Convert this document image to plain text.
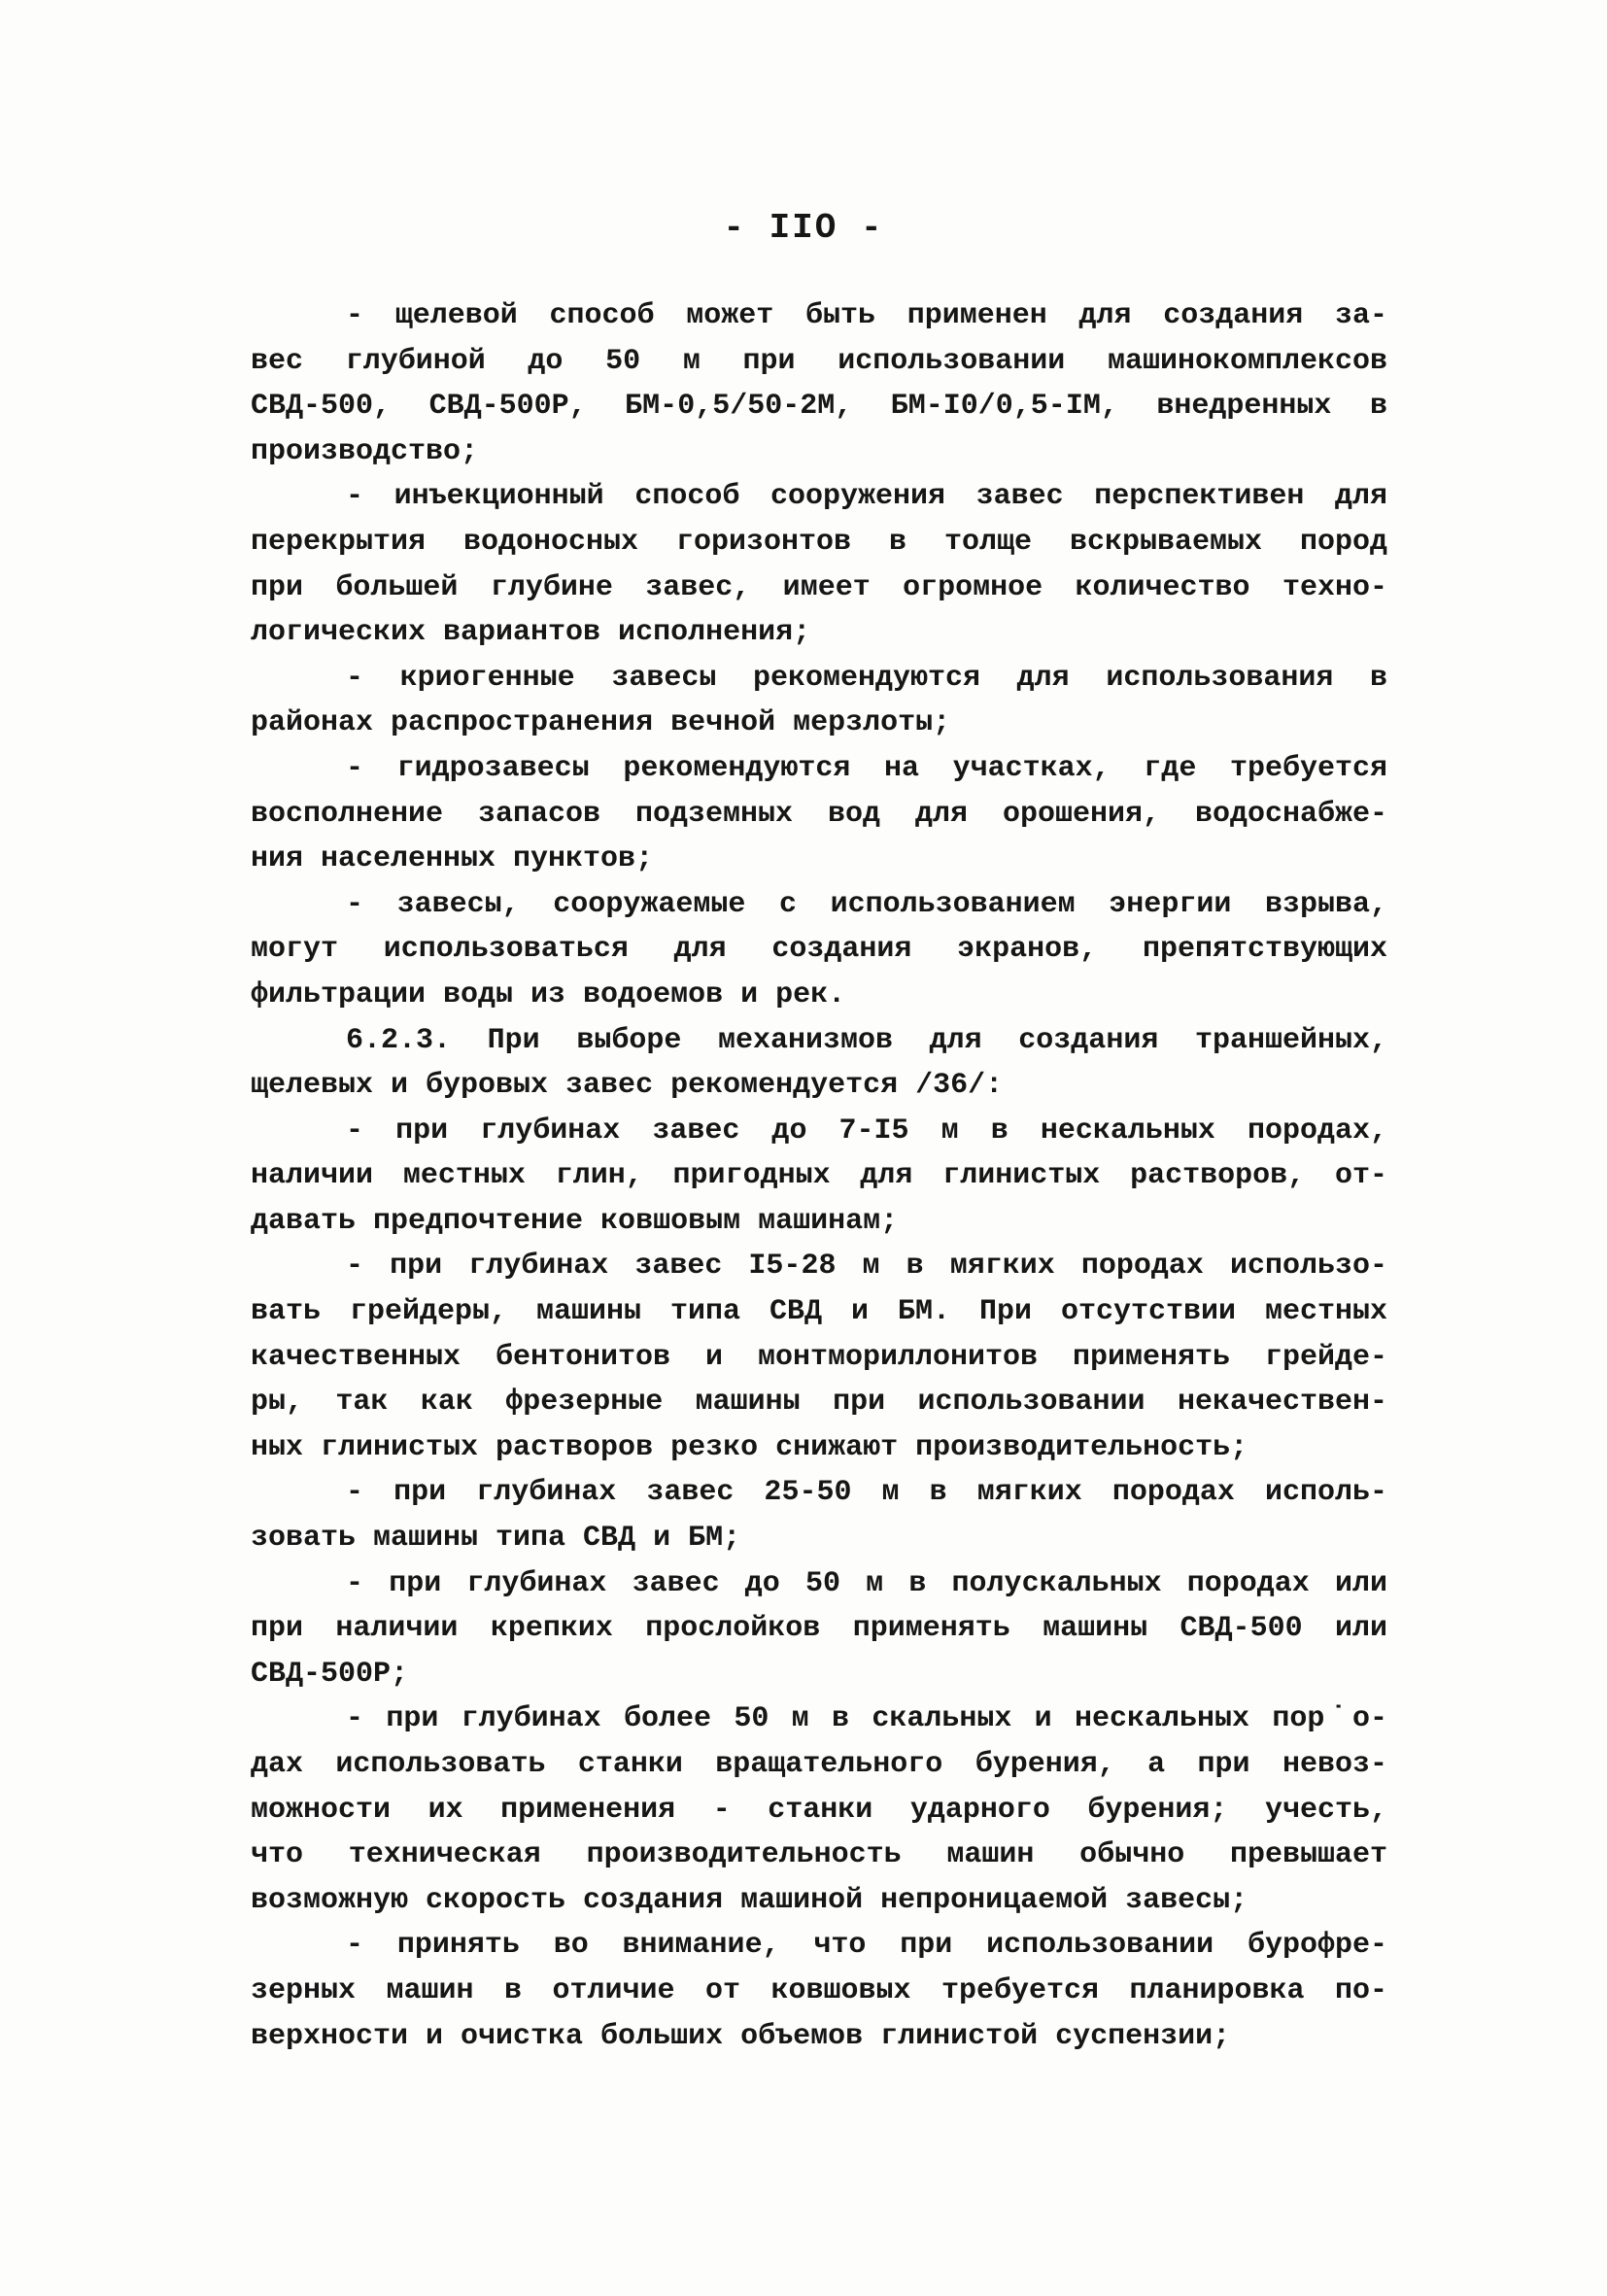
- IIO -
- щелевой способ может быть применен для создания за-
вес глубиной до 50 м при использовании машинокомплексов
СВД-500, СВД-500Р, БМ-0,5/50-2М, БМ-I0/0,5-IМ, внедренных в
производство;
- инъекционный способ сооружения завес перспективен для
перекрытия водоносных горизонтов в толще вскрываемых пород
при большей глубине завес, имеет огромное количество техно-
логических вариантов исполнения;
- криогенные завесы рекомендуются для использования в
районах распространения вечной мерзлоты;
- гидрозавесы рекомендуются на участках, где требуется
восполнение запасов подземных вод для орошения, водоснабже-
ния населенных пунктов;
- завесы, сооружаемые с использованием энергии взрыва,
могут использоваться для создания экранов, препятствующих
фильтрации воды из водоемов и рек.
6.2.3. При выборе механизмов для создания траншейных,
щелевых и буровых завес рекомендуется /36/:
- при глубинах завес до 7-I5 м в нескальных породах,
наличии местных глин, пригодных для глинистых растворов, от-
давать предпочтение ковшовым машинам;
- при глубинах завес I5-28 м в мягких породах использо-
вать грейдеры, машины типа СВД и БМ. При отсутствии местных
качественных бентонитов и монтмориллонитов применять грейде-
ры, так как фрезерные машины при использовании некачествен-
ных глинистых растворов резко снижают производительность;
- при глубинах завес 25-50 м в мягких породах исполь-
зовать машины типа СВД и БМ;
- при глубинах завес до 50 м в полускальных породах или
при наличии крепких прослойков применять машины СВД-500 или
СВД-500Р;
- при глубинах более 50 м в скальных и нескальных пор˙о-
дах использовать станки вращательного бурения, а при невоз-
можности их применения - станки ударного бурения; учесть,
что техническая производительность машин обычно превышает
возможную скорость создания машиной непроницаемой завесы;
- принять во внимание, что при использовании бурофре-
зерных машин в отличие от ковшовых требуется планировка по-
верхности и очистка больших объемов глинистой суспензии;
